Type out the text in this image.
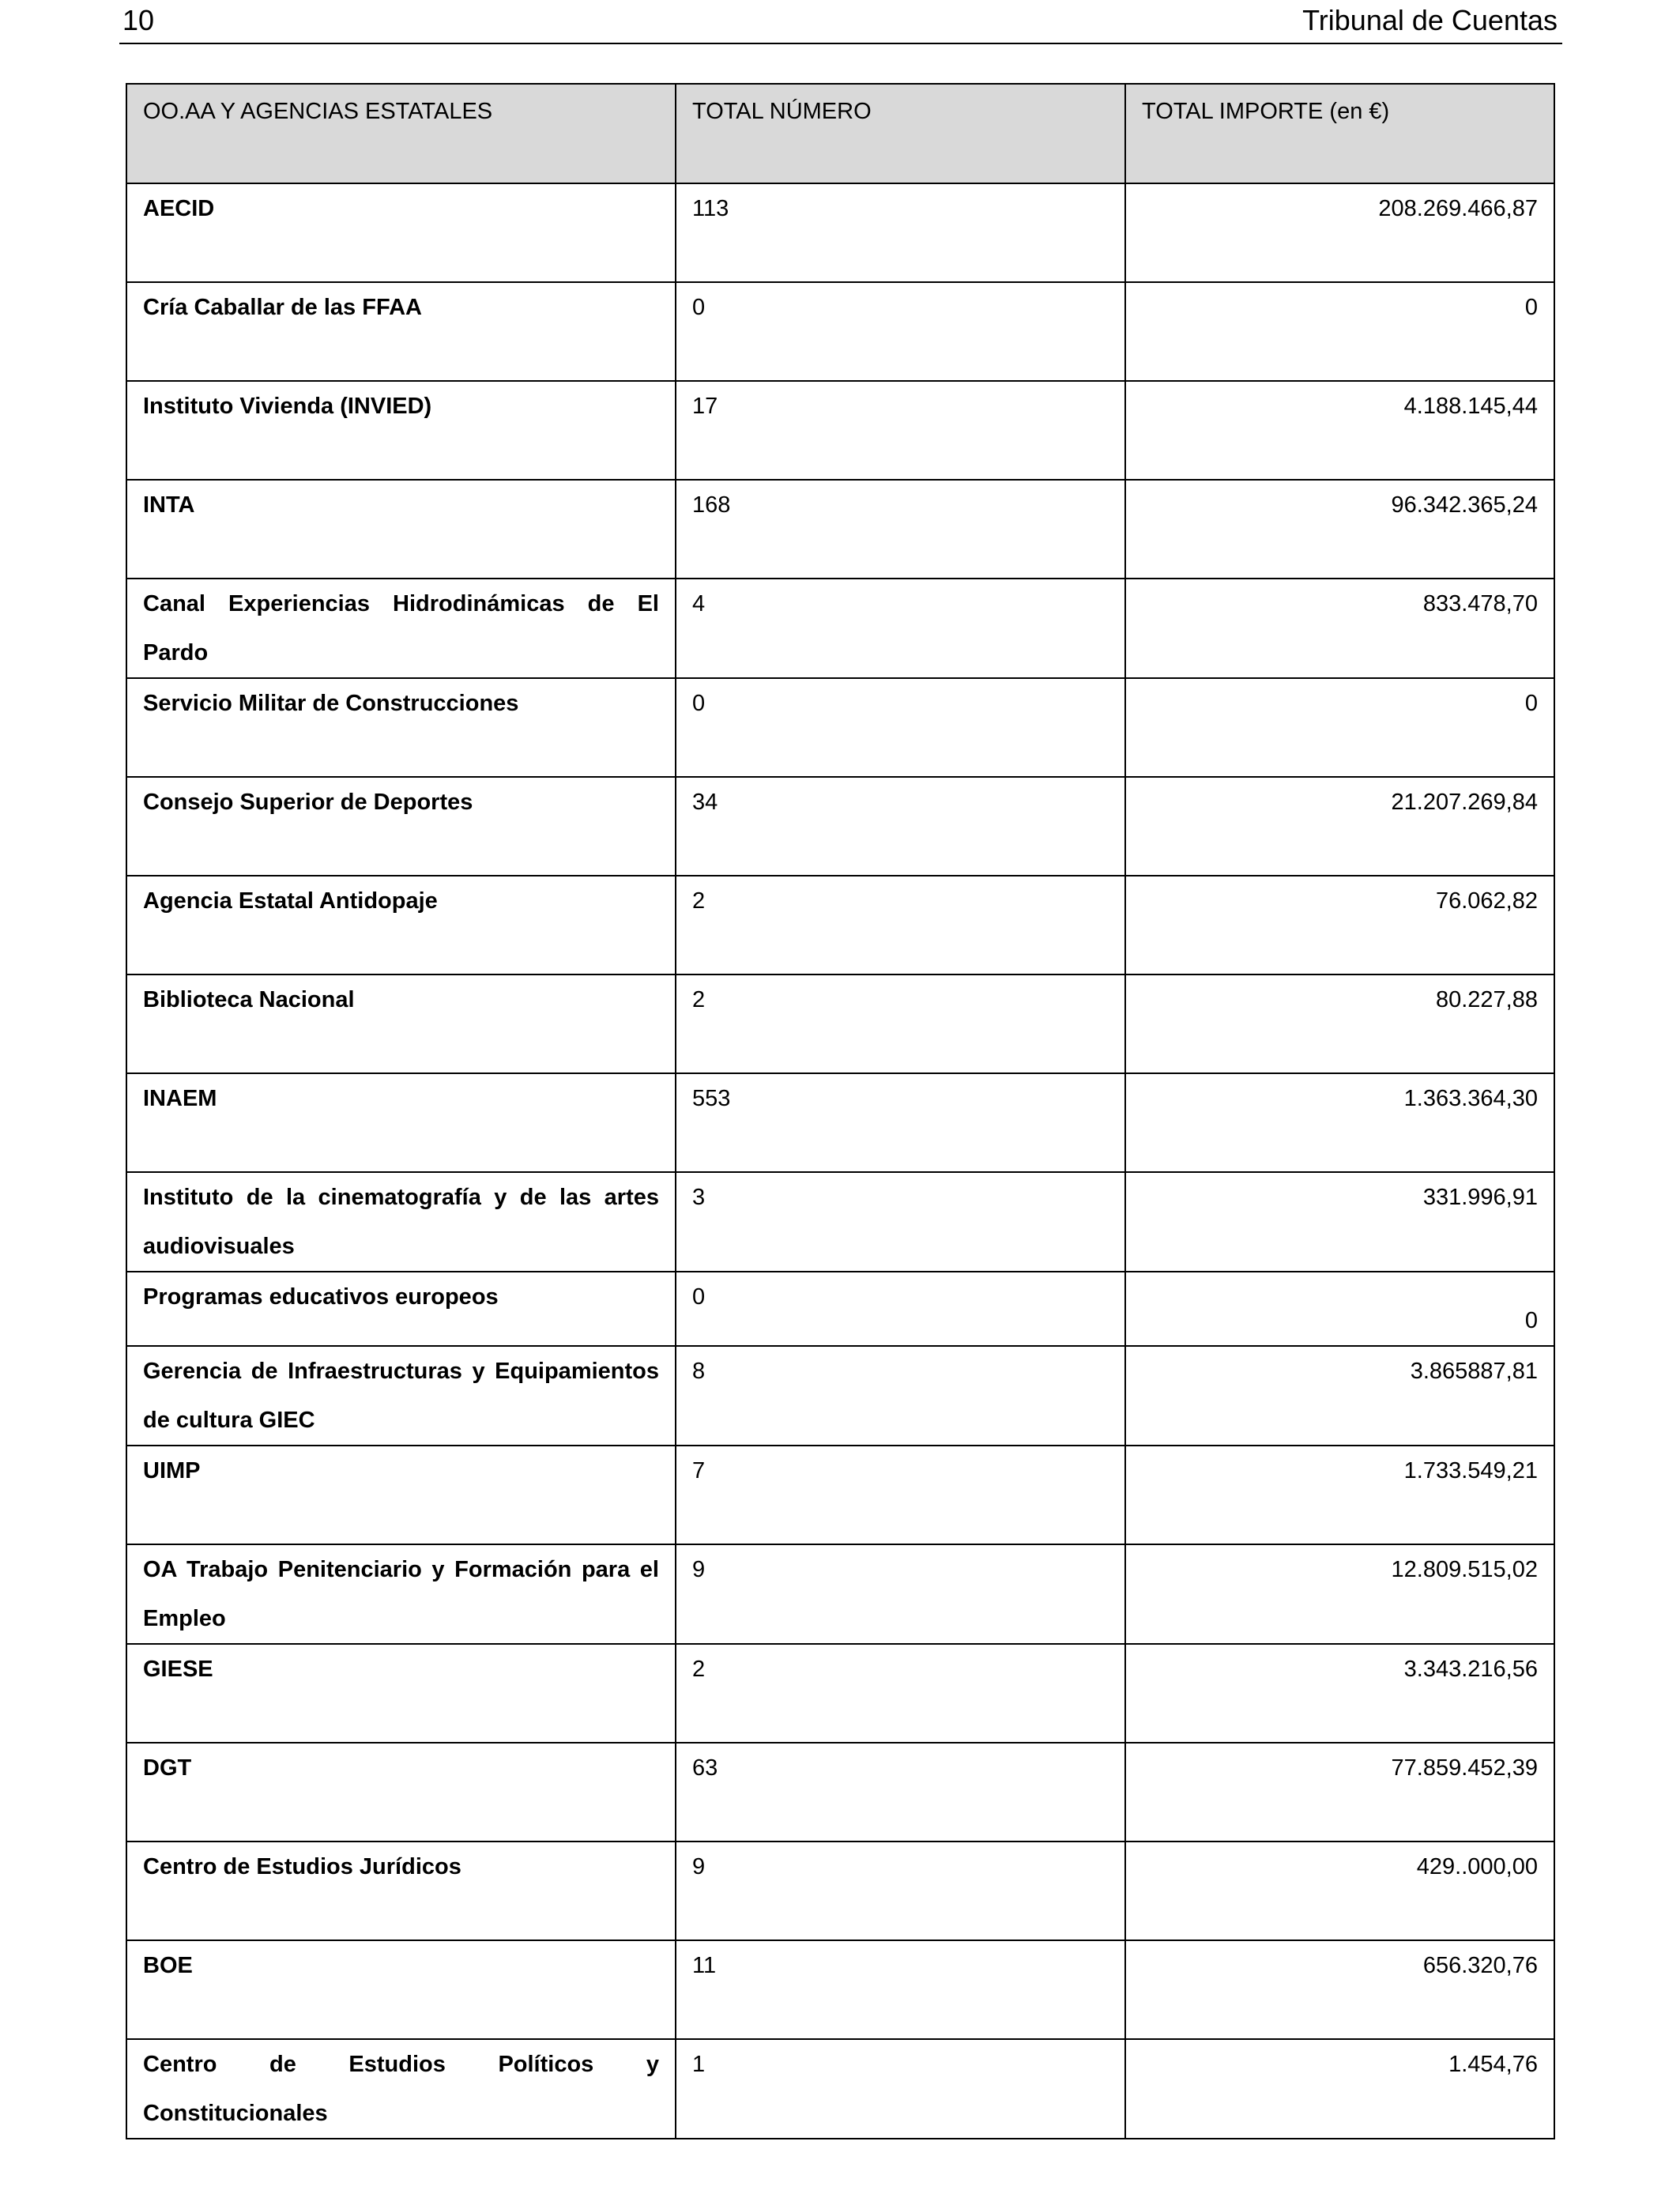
10	Tribunal de Cuentas
OO.AA Y AGENCIAS ESTATALES	TOTAL NÚMERO	TOTAL IMPORTE (en €)
AECID	113	208.269.466,87
Cría Caballar de las FFAA	0	0
Instituto Vivienda (INVIED)	17	4.188.145,44
INTA	168	96.342.365,24
Canal Experiencias Hidrodinámicas de El Pardo	4	833.478,70
Servicio Militar de Construcciones	0	0
Consejo Superior de Deportes	34	21.207.269,84
Agencia Estatal Antidopaje	2	76.062,82
Biblioteca Nacional	2	80.227,88
INAEM	553	1.363.364,30
Instituto de la cinematografía y de las artes audiovisuales	3	331.996,91
Programas educativos europeos	0	0
Gerencia de Infraestructuras y Equipamientos de cultura GIEC	8	3.865887,81
UIMP	7	1.733.549,21
OA Trabajo Penitenciario y Formación para el Empleo	9	12.809.515,02
GIESE	2	3.343.216,56
DGT	63	77.859.452,39
Centro de Estudios Jurídicos	9	429..000,00
BOE	11	656.320,76
Centro de Estudios Políticos y Constitucionales	1	1.454,76
